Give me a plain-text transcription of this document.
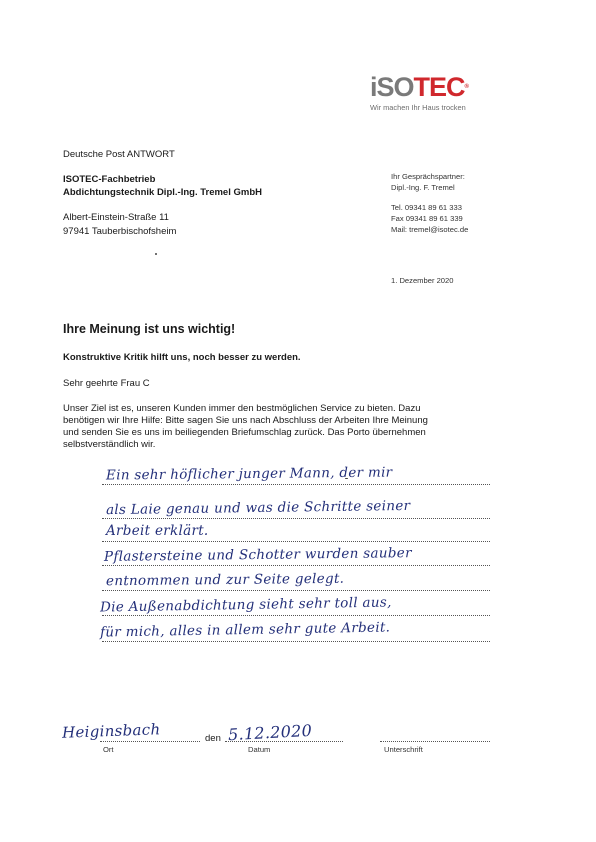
iSOTEC®
Wir machen Ihr Haus trocken
Deutsche Post ANTWORT
ISOTEC-Fachbetrieb
Abdichtungstechnik Dipl.-Ing. Tremel GmbH
Albert-Einstein-Straße 11
97941 Tauberbischofsheim
Ihr Gesprächspartner:
Dipl.-Ing. F. Tremel
Tel. 09341 89 61 333
Fax 09341 89 61 339
Mail: tremel@isotec.de
1. Dezember 2020
Ihre Meinung ist uns wichtig!
Konstruktive Kritik hilft uns, noch besser zu werden.
Sehr geehrte Frau C
Unser Ziel ist es, unseren Kunden immer den bestmöglichen Service zu bieten. Dazu
benötigen wir Ihre Hilfe: Bitte sagen Sie uns nach Abschluss der Arbeiten Ihre Meinung
und senden Sie es uns im beiliegenden Briefumschlag zurück. Das Porto übernehmen
selbstverständlich wir.
Ein sehr höflicher junger Mann, der mir
als Laie genau und was die Schritte seiner
Arbeit erklärt.
Pflastersteine und Schotter wurden sauber
entnommen und zur Seite gelegt.
Die Außenabdichtung sieht sehr toll aus,
für mich, alles in allem sehr gute Arbeit.
Heiginsbach	den 5.12.2020
Ort	Datum	Unterschrift
